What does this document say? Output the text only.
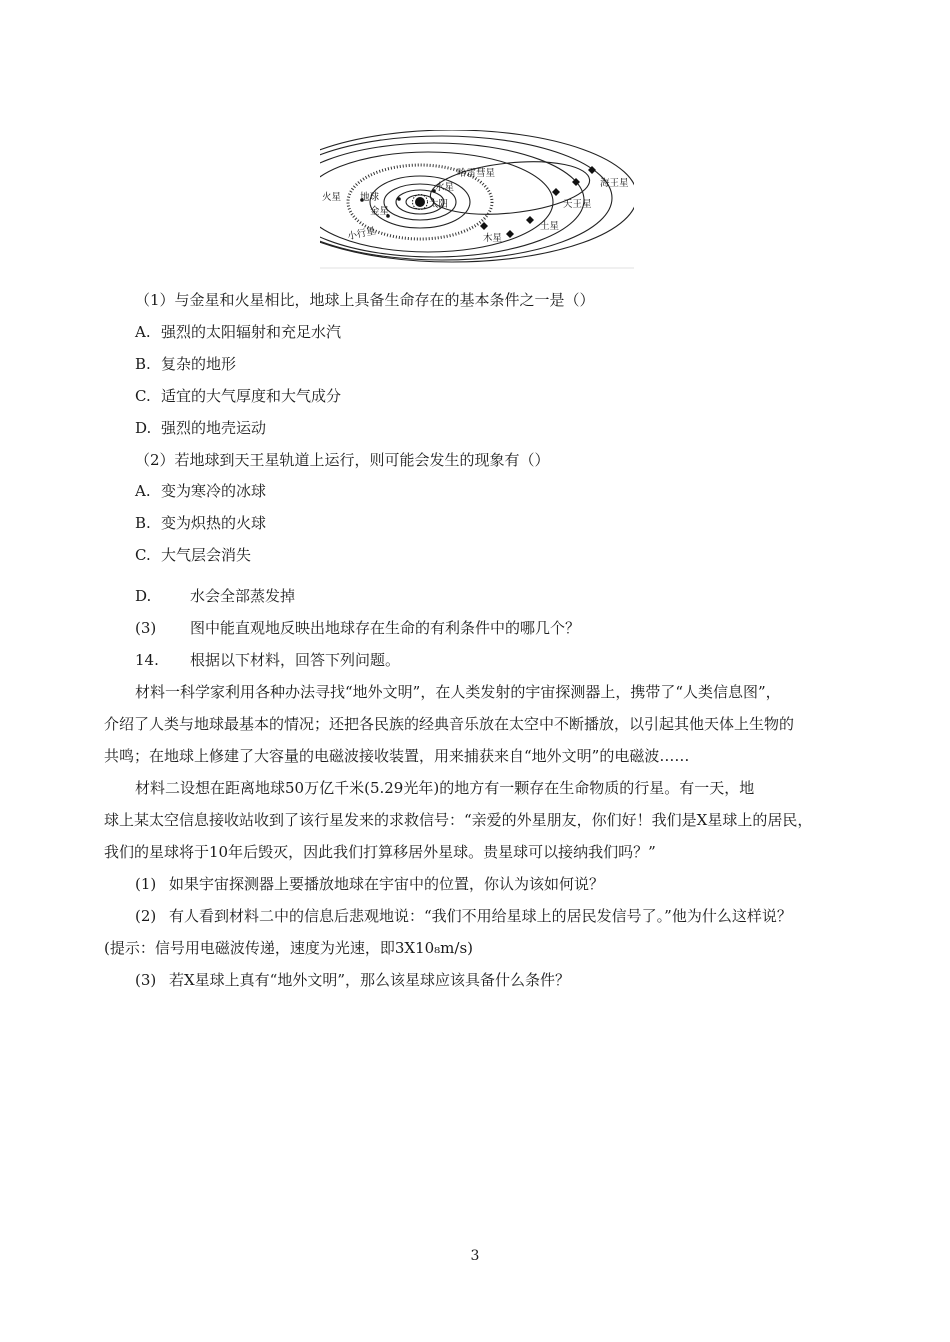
哈雷彗星
海王星
火星 地球
水星
太阳
金星
天王星
土星
木星
小行星
（1）与金星和火星相比，地球上具备生命存在的基本条件之一是（）
A. 强烈的太阳辐射和充足水汽
B. 复杂的地形
C. 适宜的大气厚度和大气成分
D. 强烈的地壳运动
（2）若地球到天王星轨道上运行，则可能会发生的现象有（）
A. 变为寒冷的冰球
B. 变为炽热的火球
C. 大气层会消失
D.	水会全部蒸发掉
(3) 图中能直观地反映出地球存在生命的有利条件中的哪几个？
14. 根据以下材料，回答下列问题。
材料一科学家利用各种办法寻找“地外文明”，在人类发射的宇宙探测器上，携带了“人类信息图”，
介绍了人类与地球最基本的情况；还把各民族的经典音乐放在太空中不断播放，以引起其他天体上生物的
共鸣；在地球上修建了大容量的电磁波接收装置，用来捕获来自“地外文明”的电磁波……
材料二设想在距离地球50万亿千米(5.29光年)的地方有一颗存在生命物质的行星。有一天，地
球上某太空信息接收站收到了该行星发来的求救信号：“亲爱的外星朋友，你们好！我们是X星球上的居民，
我们的星球将于10年后毁灭，因此我们打算移居外星球。贵星球可以接纳我们吗？”
(1) 如果宇宙探测器上要播放地球在宇宙中的位置，你认为该如何说？
(2) 有人看到材料二中的信息后悲观地说：“我们不用给星球上的居民发信号了。”他为什么这样说？
(提示：信号用电磁波传递，速度为光速，即3X10₈m/s)
(3) 若X星球上真有“地外文明”，那么该星球应该具备什么条件？
3
